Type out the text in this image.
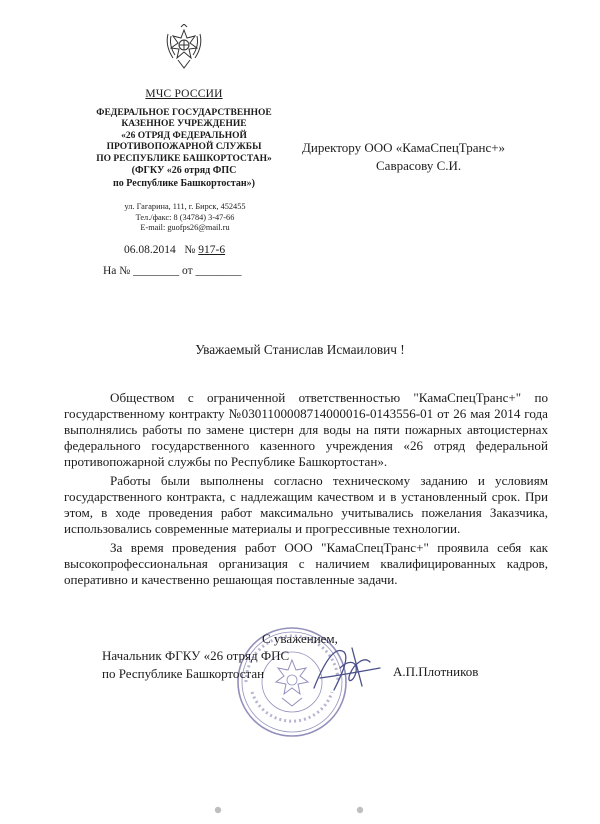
МЧС РОССИИ
ФЕДЕРАЛЬНОЕ ГОСУДАРСТВЕННОЕ
КАЗЕННОЕ УЧРЕЖДЕНИЕ
«26 ОТРЯД ФЕДЕРАЛЬНОЙ
ПРОТИВОПОЖАРНОЙ СЛУЖБЫ
ПО РЕСПУБЛИКЕ БАШКОРТОСТАН»
(ФГКУ «26 отряд ФПС
по Республике Башкортостан»)
ул. Гагарина, 111, г. Бирск, 452455
Тел./факс: 8 (34784) 3-47-66
E-mail: guofps26@mail.ru
06.08.2014 № 917-6
На № ________ от ________
Директору ООО «КамаСпецТранс+»
Саврасову С.И.
Уважаемый Станислав Исмаилович !

Обществом с ограниченной ответственностью "КамаСпецТранс+" по государственному контракту №0301100008714000016-0143556-01 от 26 мая 2014 года выполнялись работы по замене цистерн для воды на пяти пожарных автоцистернах федерального государственного казенного учреждения «26 отряд федеральной противопожарной службы по Республике Башкортостан».

Работы были выполнены согласно техническому заданию и условиям государственного контракта, с надлежащим качеством и в установленный срок. При этом, в ходе проведения работ максимально учитывались пожелания Заказчика, использовались современные материалы и прогрессивные технологии.

За время проведения работ ООО "КамаСпецТранс+" проявила себя как высокопрофессиональная организация с наличием квалифицированных кадров, оперативно и качественно решающая поставленные задачи.

С уважением,
Начальник ФГКУ «26 отряд ФПС
по Республике Башкортостан	А.П.Плотников
